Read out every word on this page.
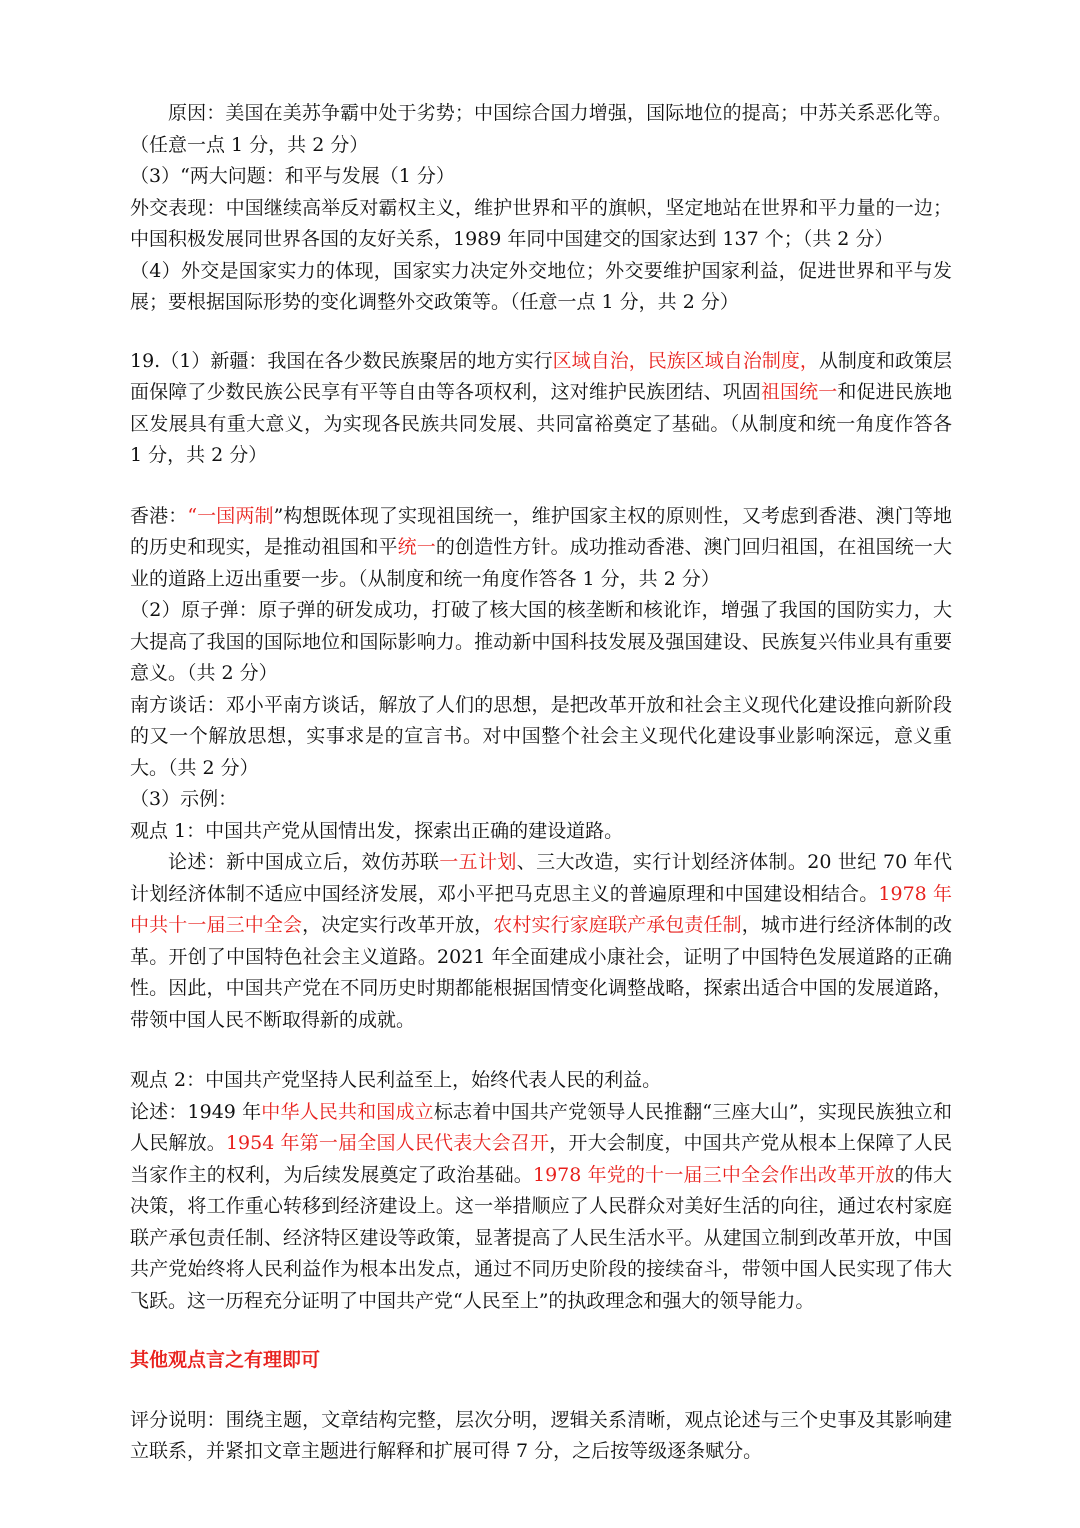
原因：美国在美苏争霸中处于劣势；中国综合国力增强，国际地位的提高；中苏关系恶化等。（任意一点 1 分，共 2 分）

（3）“两大问题：和平与发展（1 分）

外交表现：中国继续高举反对霸权主义，维护世界和平的旗帜，坚定地站在世界和平力量的一边；中国积极发展同世界各国的友好关系，1989 年同中国建交的国家达到 137 个；（共 2 分）

（4）外交是国家实力的体现，国家实力决定外交地位；外交要维护国家利益，促进世界和平与发展；要根据国际形势的变化调整外交政策等。（任意一点 1 分，共 2 分）

19.（1）新疆：我国在各少数民族聚居的地方实行区域自治，民族区域自治制度，从制度和政策层面保障了少数民族公民享有平等自由等各项权利，这对维护民族团结、巩固祖国统一和促进民族地区发展具有重大意义，为实现各民族共同发展、共同富裕奠定了基础。（从制度和统一角度作答各 1 分，共 2 分）

香港：“一国两制”构想既体现了实现祖国统一，维护国家主权的原则性，又考虑到香港、澳门等地的历史和现实，是推动祖国和平统一的创造性方针。成功推动香港、澳门回归祖国，在祖国统一大业的道路上迈出重要一步。（从制度和统一角度作答各 1 分，共 2 分）

（2）原子弹：原子弹的研发成功，打破了核大国的核垄断和核讹诈，增强了我国的国防实力，大大提高了我国的国际地位和国际影响力。推动新中国科技发展及强国建设、民族复兴伟业具有重要意义。（共 2 分）

南方谈话：邓小平南方谈话，解放了人们的思想，是把改革开放和社会主义现代化建设推向新阶段的又一个解放思想，实事求是的宣言书。对中国整个社会主义现代化建设事业影响深远，意义重大。（共 2 分）

（3）示例：

观点 1：中国共产党从国情出发，探索出正确的建设道路。

论述：新中国成立后，效仿苏联一五计划、三大改造，实行计划经济体制。20 世纪 70 年代计划经济体制不适应中国经济发展，邓小平把马克思主义的普遍原理和中国建设相结合。1978 年中共十一届三中全会，决定实行改革开放，农村实行家庭联产承包责任制，城市进行经济体制的改革。开创了中国特色社会主义道路。2021 年全面建成小康社会，证明了中国特色发展道路的正确性。因此，中国共产党在不同历史时期都能根据国情变化调整战略，探索出适合中国的发展道路，带领中国人民不断取得新的成就。

观点 2：中国共产党坚持人民利益至上，始终代表人民的利益。

论述：1949 年中华人民共和国成立标志着中国共产党领导人民推翻“三座大山”，实现民族独立和人民解放。1954 年第一届全国人民代表大会召开，开大会制度，中国共产党从根本上保障了人民当家作主的权利，为后续发展奠定了政治基础。1978 年党的十一届三中全会作出改革开放的伟大决策，将工作重心转移到经济建设上。这一举措顺应了人民群众对美好生活的向往，通过农村家庭联产承包责任制、经济特区建设等政策，显著提高了人民生活水平。从建国立制到改革开放，中国共产党始终将人民利益作为根本出发点，通过不同历史阶段的接续奋斗，带领中国人民实现了伟大飞跃。这一历程充分证明了中国共产党“人民至上”的执政理念和强大的领导能力。

其他观点言之有理即可

评分说明：围绕主题，文章结构完整，层次分明，逻辑关系清晰，观点论述与三个史事及其影响建立联系，并紧扣文章主题进行解释和扩展可得 7 分，之后按等级逐条赋分。
